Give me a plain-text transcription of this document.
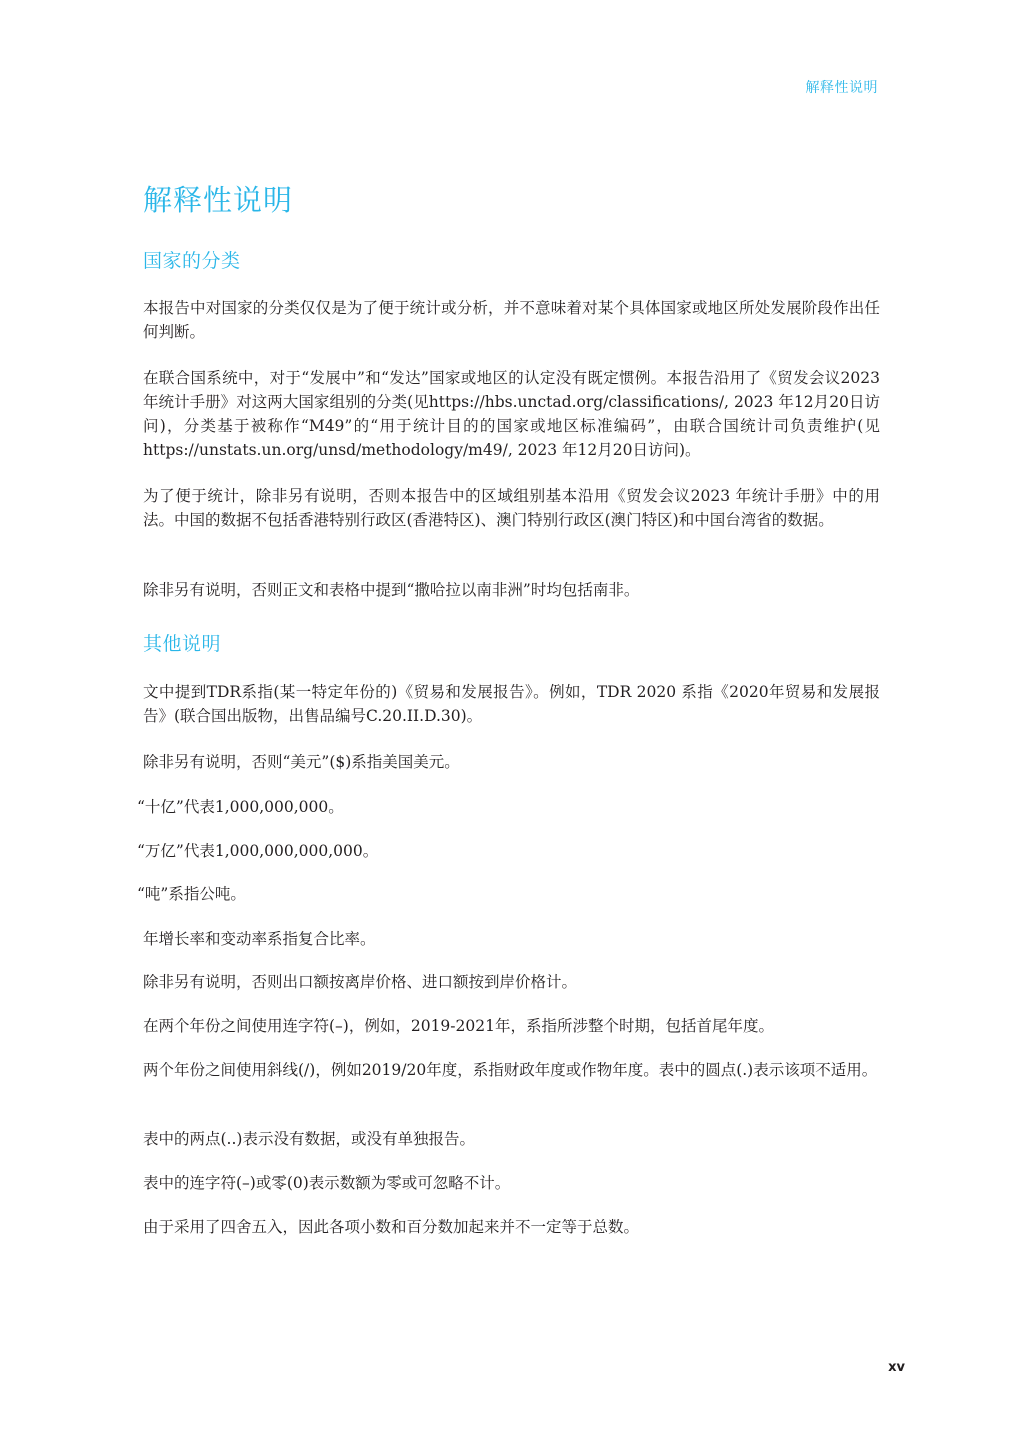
解释性说明
解释性说明
国家的分类

本报告中对国家的分类仅仅是为了便于统计或分析，并不意味着对某个具体国家或地区所处发展阶段作出任何判断。

在联合国系统中，对于“发展中”和“发达”国家或地区的认定没有既定惯例。本报告沿用了《贸发会议2023 年统计手册》对这两大国家组别的分类(见https://hbs.unctad.org/classifications/, 2023 年12月20日访问)，分类基于被称作“M49”的“用于统计目的的国家或地区标准编码”，由联合国统计司负责维护(见https://unstats.un.org/unsd/methodology/m49/, 2023 年12月20日访问)。

为了便于统计，除非另有说明，否则本报告中的区域组别基本沿用《贸发会议2023 年统计手册》中的用法。中国的数据不包括香港特别行政区(香港特区)、澳门特别行政区(澳门特区)和中国台湾省的数据。

除非另有说明，否则正文和表格中提到“撒哈拉以南非洲”时均包括南非。

其他说明

文中提到TDR系指(某一特定年份的)《贸易和发展报告》。例如，TDR 2020 系指《2020年贸易和发展报告》(联合国出版物，出售品编号C.20.II.D.30)。

除非另有说明，否则“美元”($)系指美国美元。

“十亿”代表1,000,000,000。

“万亿”代表1,000,000,000,000。

“吨”系指公吨。

年增长率和变动率系指复合比率。

除非另有说明，否则出口额按离岸价格、进口额按到岸价格计。

在两个年份之间使用连字符(–)，例如，2019-2021年，系指所涉整个时期，包括首尾年度。

两个年份之间使用斜线(/)，例如2019/20年度，系指财政年度或作物年度。表中的圆点(.)表示该项不适用。

表中的两点(..)表示没有数据，或没有单独报告。

表中的连字符(–)或零(0)表示数额为零或可忽略不计。

由于采用了四舍五入，因此各项小数和百分数加起来并不一定等于总数。

xv
